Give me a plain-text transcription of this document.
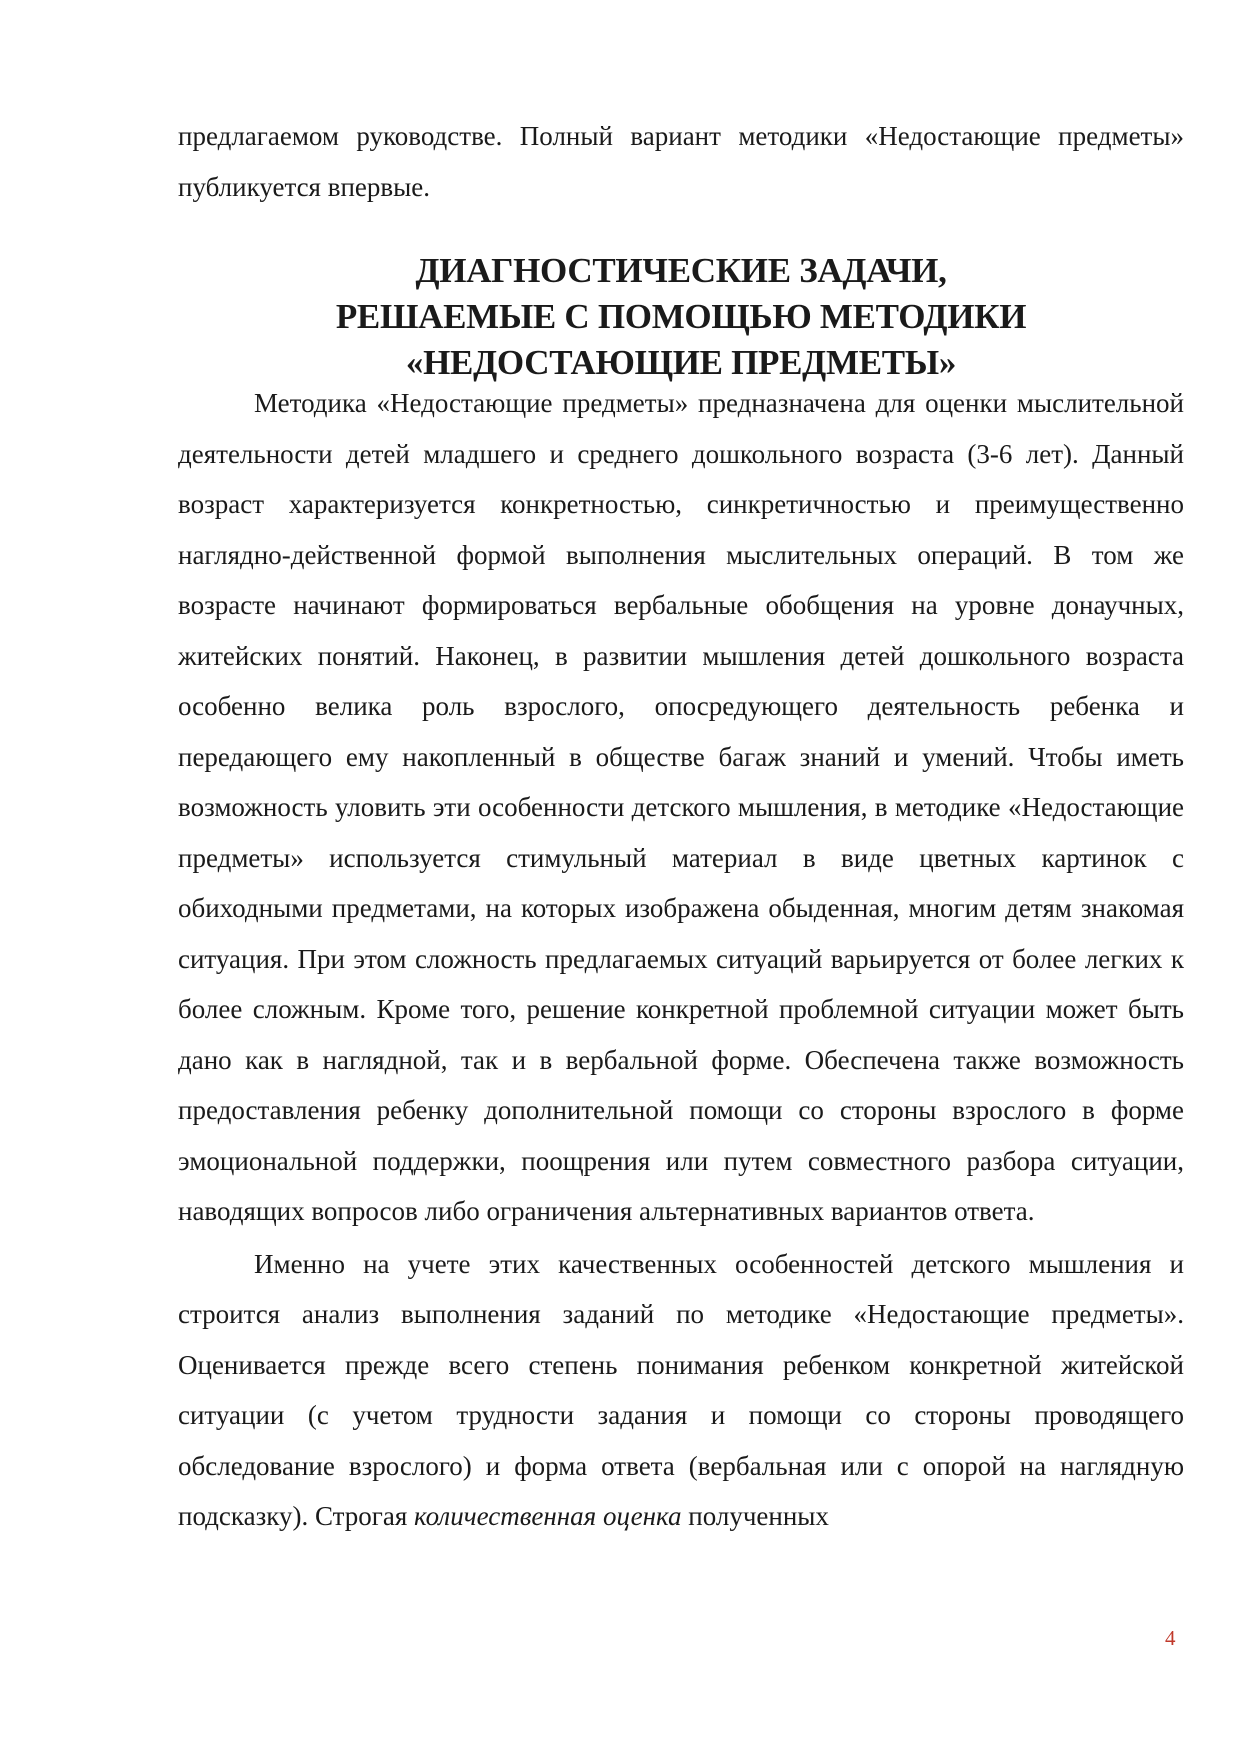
предлагаемом руководстве. Полный вариант методики «Недостающие предметы» публикуется впервые.

ДИАГНОСТИЧЕСКИЕ ЗАДАЧИ,
РЕШАЕМЫЕ С ПОМОЩЬЮ МЕТОДИКИ
«НЕДОСТАЮЩИЕ ПРЕДМЕТЫ»

Методика «Недостающие предметы» предназначена для оценки мыслительной деятельности детей младшего и среднего дошкольного возраста (3-6 лет). Данный возраст характеризуется конкретностью, синкретичностью и преимущественно наглядно-действенной формой выполнения мыслительных операций. В том же возрасте начинают формироваться вербальные обобщения на уровне донаучных, житейских понятий. Наконец, в развитии мышления детей дошкольного возраста особенно велика роль взрослого, опосредующего деятельность ребенка и передающего ему накопленный в обществе багаж знаний и умений. Чтобы иметь возможность уловить эти особенности детского мышления, в методике «Недостающие предметы» используется стимульный материал в виде цветных картинок с обиходными предметами, на которых изображена обыденная, многим детям знакомая ситуация. При этом сложность предлагаемых ситуаций варьируется от более легких к более сложным. Кроме того, решение конкретной проблемной ситуации может быть дано как в наглядной, так и в вербальной форме. Обеспечена также возможность предоставления ребенку дополнительной помощи со стороны взрослого в форме эмоциональной поддержки, поощрения или путем совместного разбора ситуации, наводящих вопросов либо ограничения альтернативных вариантов ответа.

Именно на учете этих качественных особенностей детского мышления и строится анализ выполнения заданий по методике «Недостающие предметы». Оценивается прежде всего степень понимания ребенком конкретной житейской ситуации (с учетом трудности задания и помощи со стороны проводящего обследование взрослого) и форма ответа (вербальная или с опорой на наглядную подсказку). Строгая количественная оценка полученных

4
